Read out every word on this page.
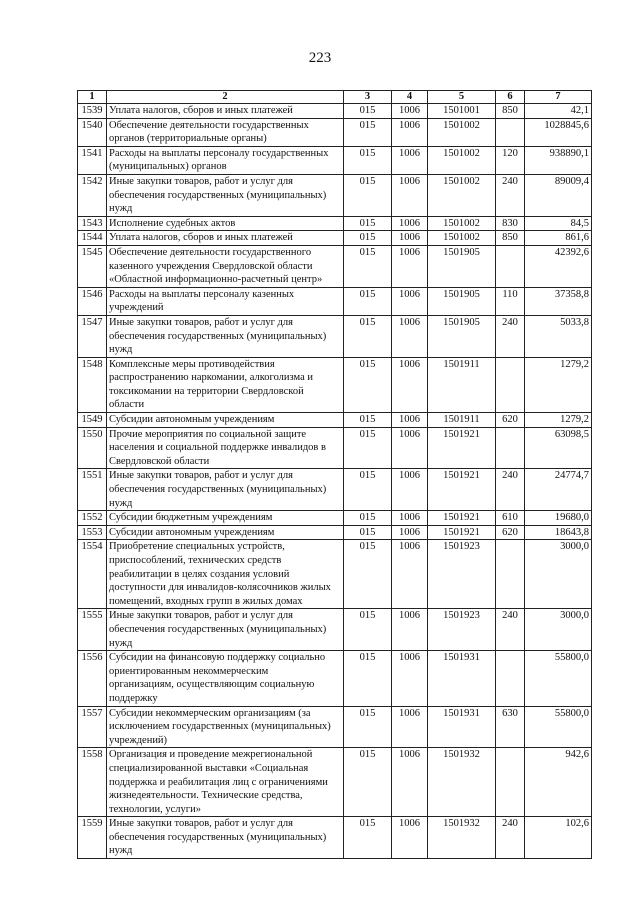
223
1	2	3	4	5	6	7
1539	Уплата налогов, сборов и иных платежей	015	1006	1501001	850	42,1
1540	Обеспечение деятельности государственных
органов (территориальные органы)	015	1006	1501002		1028845,6
1541	Расходы на выплаты персоналу государственных
(муниципальных) органов	015	1006	1501002	120	938890,1
1542	Иные закупки товаров, работ и услуг для
обеспечения государственных (муниципальных)
нужд	015	1006	1501002	240	89009,4
1543	Исполнение судебных актов	015	1006	1501002	830	84,5
1544	Уплата налогов, сборов и иных платежей	015	1006	1501002	850	861,6
1545	Обеспечение деятельности государственного
казенного учреждения Свердловской области
«Областной информационно-расчетный центр»	015	1006	1501905		42392,6
1546	Расходы на выплаты персоналу казенных
учреждений	015	1006	1501905	110	37358,8
1547	Иные закупки товаров, работ и услуг для
обеспечения государственных (муниципальных)
нужд	015	1006	1501905	240	5033,8
1548	Комплексные меры противодействия
распространению наркомании, алкоголизма и
токсикомании на территории Свердловской
области	015	1006	1501911		1279,2
1549	Субсидии автономным учреждениям	015	1006	1501911	620	1279,2
1550	Прочие мероприятия по социальной защите
населения и социальной поддержке инвалидов в
Свердловской области	015	1006	1501921		63098,5
1551	Иные закупки товаров, работ и услуг для
обеспечения государственных (муниципальных)
нужд	015	1006	1501921	240	24774,7
1552	Субсидии бюджетным учреждениям	015	1006	1501921	610	19680,0
1553	Субсидии автономным учреждениям	015	1006	1501921	620	18643,8
1554	Приобретение специальных устройств,
приспособлений, технических средств
реабилитации в целях создания условий
доступности для инвалидов-колясочников жилых
помещений, входных групп в жилых домах	015	1006	1501923		3000,0
1555	Иные закупки товаров, работ и услуг для
обеспечения государственных (муниципальных)
нужд	015	1006	1501923	240	3000,0
1556	Субсидии на финансовую поддержку социально
ориентированным некоммерческим
организациям, осуществляющим социальную
поддержку	015	1006	1501931		55800,0
1557	Субсидии некоммерческим организациям (за
исключением государственных (муниципальных)
учреждений)	015	1006	1501931	630	55800,0
1558	Организация и проведение межрегиональной
специализированной выставки «Социальная
поддержка и реабилитация лиц с ограничениями
жизнедеятельности. Технические средства,
технологии, услуги»	015	1006	1501932		942,6
1559	Иные закупки товаров, работ и услуг для
обеспечения государственных (муниципальных)
нужд	015	1006	1501932	240	102,6
